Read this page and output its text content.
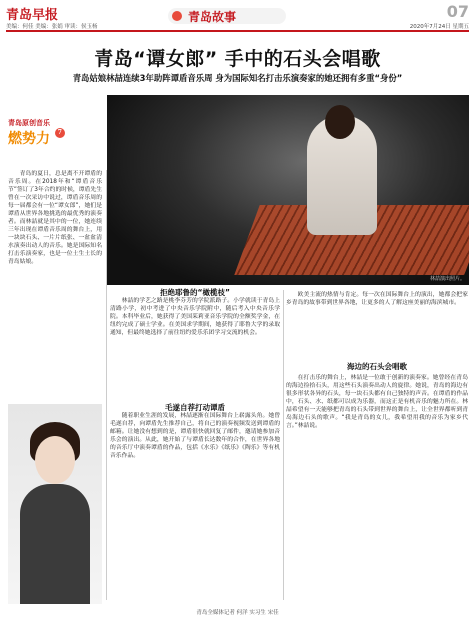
青岛早报
美编：何佳 美编：张娟 审读：侯玉杨
青岛故事	07
2020年7月24日 星期五
青岛“谭女郎” 手中的石头会唱歌
青岛姑娘林喆连续3年助阵谭盾音乐周 身为国际知名打击乐演奏家的她还拥有多重“身份”
青岛原创音乐
燃势力 7
林喆演出照片。

青岛的夏日，总是离不开谭盾的音乐周。在2018年和“谭盾音乐节”签订了3年合约的时候，谭盾先生曾在一次采访中说过，谭盾音乐周的每一届都会有一位“谭女郎”，她们是谭盾从世界各地挑选的最优秀的演奏者。而林喆就是其中的一位，她连续三年出现在谭盾音乐周的舞台上，用一块块石头、一片片纸张、一盆盆清水演奏出动人的音乐。她是国际知名打击乐演奏家，也是一位土生土长的青岛姑娘。

拒绝耶鲁的“橄榄枝”

林喆的学艺之路是桃李芬芳的学院派路子。小学就读于青岛上清路小学，初中考进了中央音乐学院附中，随后考入中央音乐学院。本科毕业后，她获得了美国茱莉亚音乐学院的全额奖学金，在纽约完成了硕士学业。在美国求学期间，她获得了耶鲁大学的录取通知，但最终她选择了前往纽约爱乐乐团学习交流的机会。

毛遂自荐打动谭盾

随着职业生涯的发展，林喆逐渐在国际舞台上崭露头角。她曾毛遂自荐，向谭盾先生推荐自己，将自己的演奏视频发送到谭盾的邮箱。让她没有想到的是，谭盾很快就回复了邮件，邀请她参加音乐会的演出。从此，她开始了与谭盾长达数年的合作，在世界各地的音乐厅中演奏谭盾的作品，包括《水乐》《纸乐》《陶乐》等有机音乐作品。

欧美主流的热情与肯定。每一次在国际舞台上的演出，她都会把家乡青岛的故事带到世界各地，让更多的人了解这座美丽的海滨城市。

海边的石头会唱歌

在打击乐的舞台上，林喆是一位敢于创新的演奏家。她曾经在青岛的海边捡拾石头，用这些石头演奏出动人的旋律。她说，青岛的海边有很多形状各异的石头，每一块石头都有自己独特的声音。在谭盾的作品中，石头、水、纸都可以成为乐器，而这正是有机音乐的魅力所在。林喆希望有一天能够把青岛的石头带到世界的舞台上，让全世界都听到青岛海边石头的歌声。“我是青岛的女儿，我希望用我的音乐为家乡代言。”林喆说。

青岛全媒体记者 何洋 实习生 宋佳
